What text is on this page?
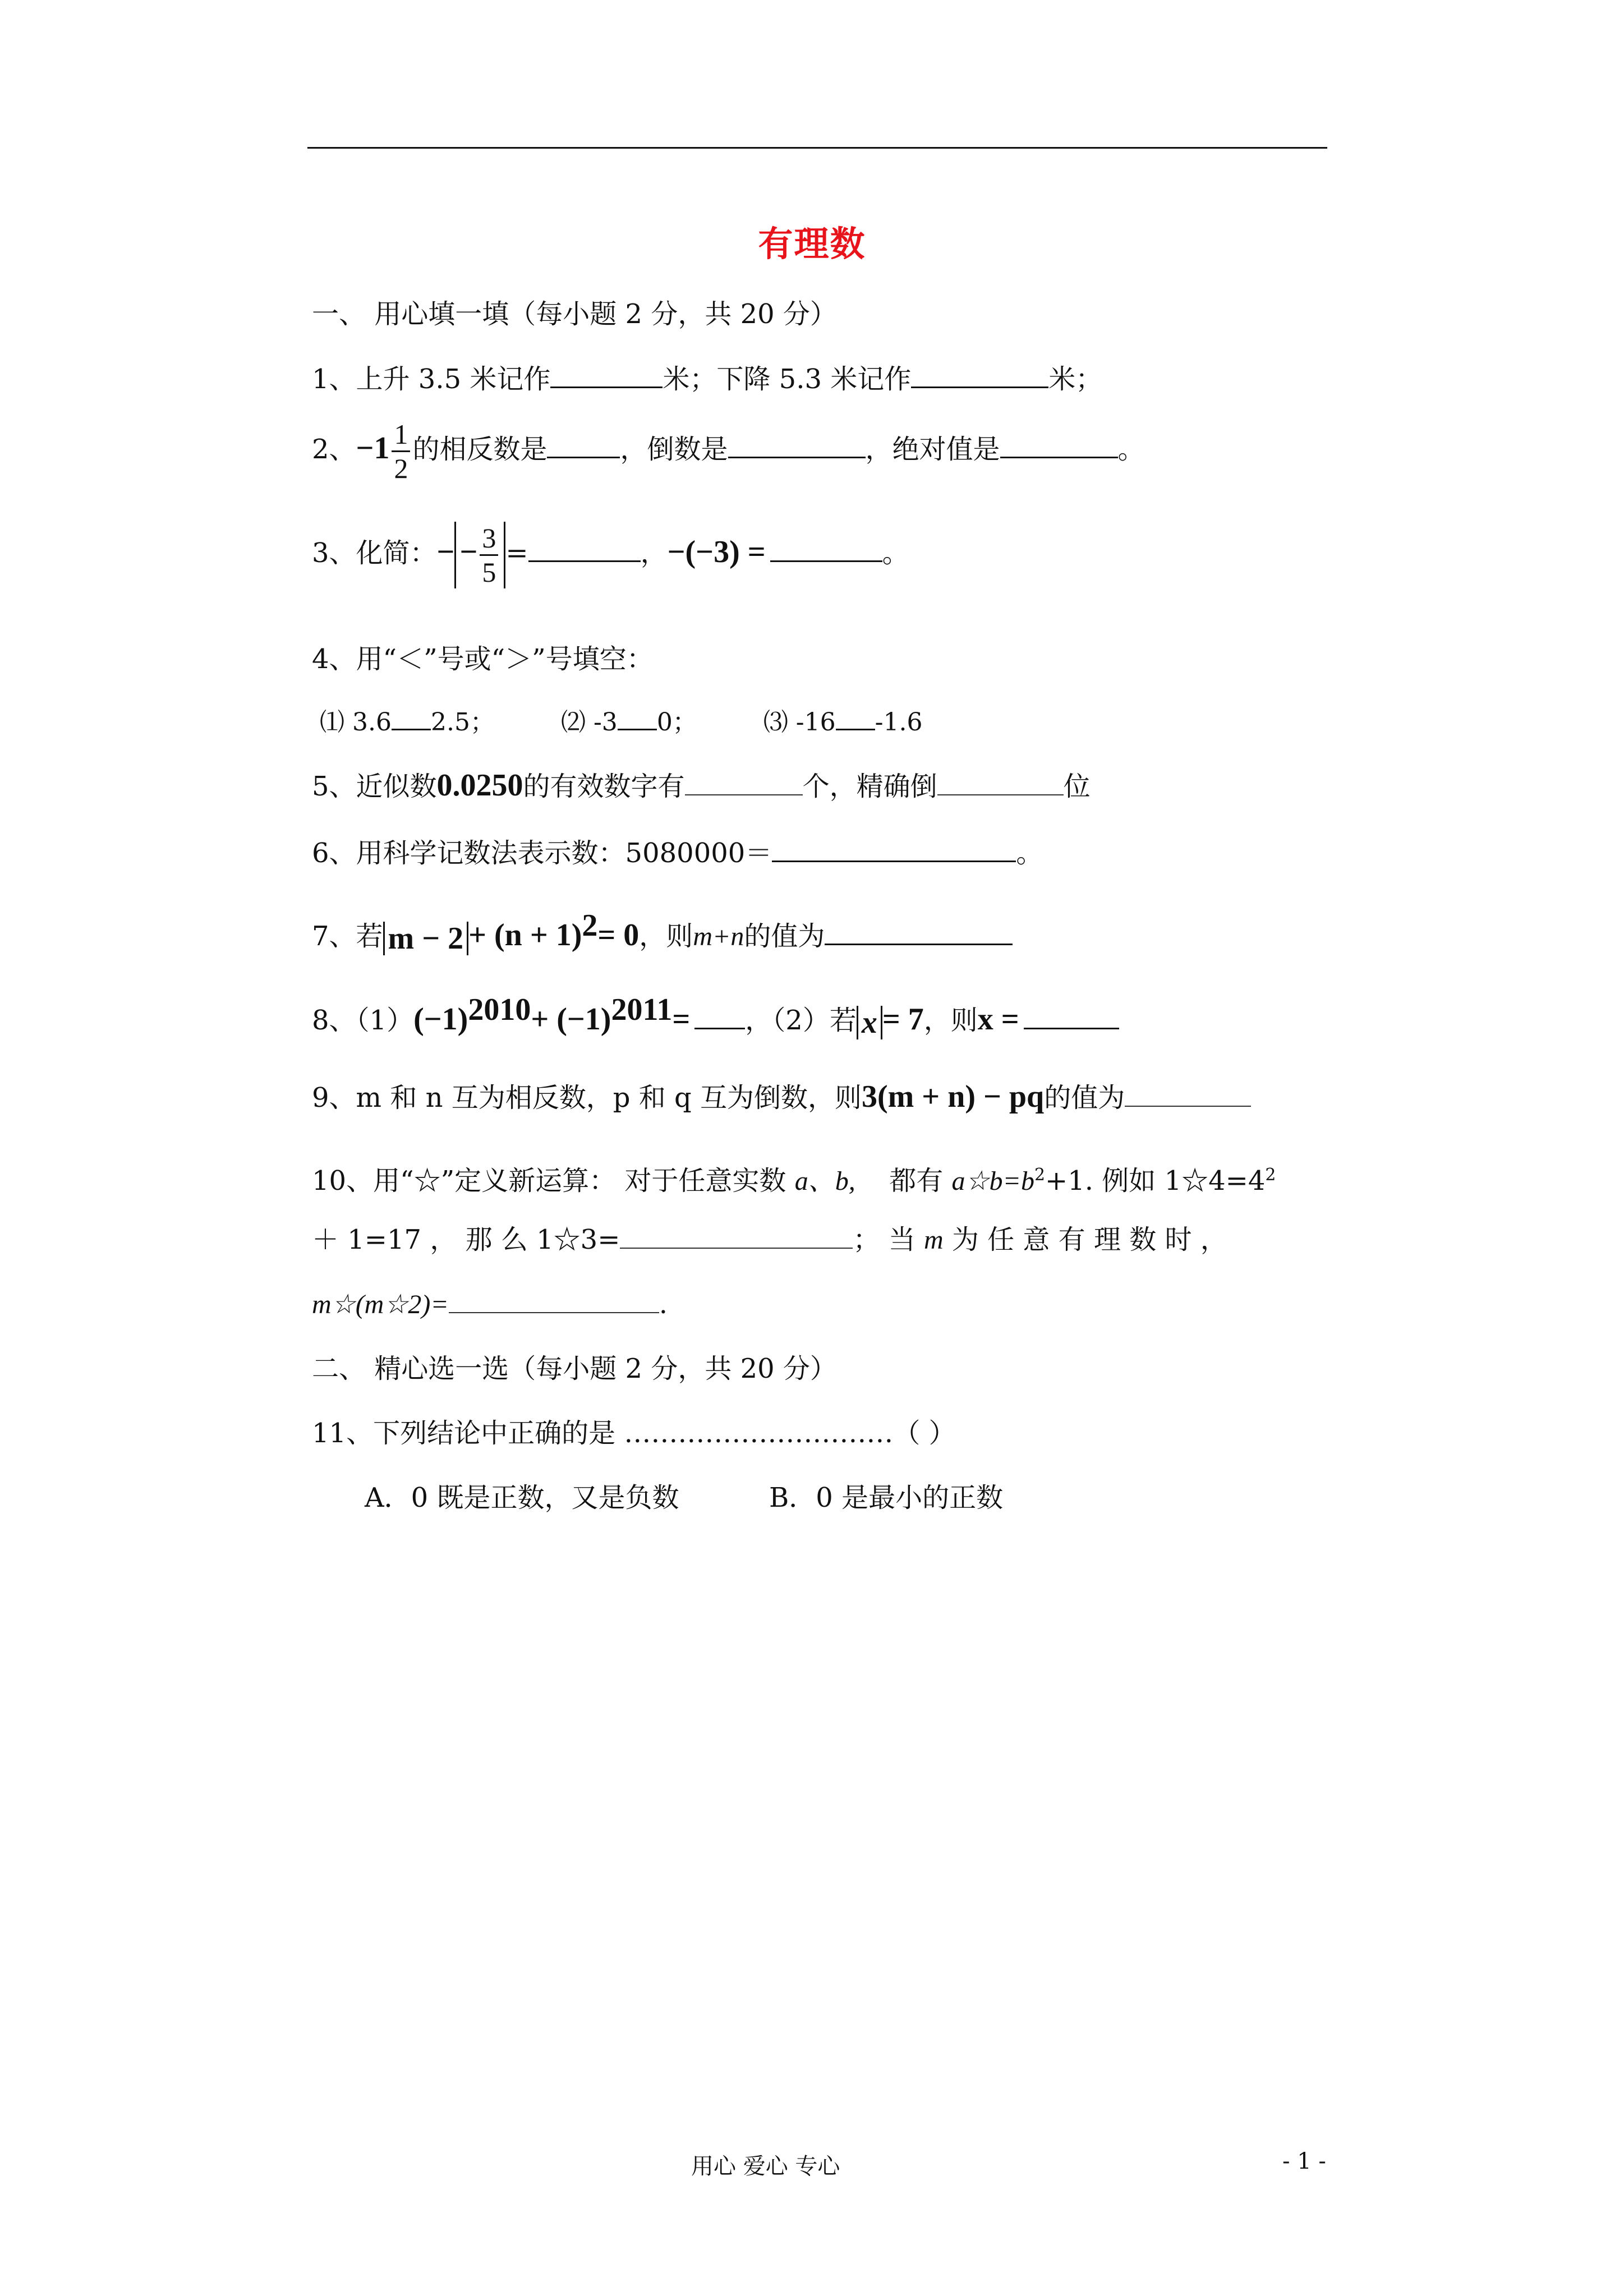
有理数
一、 用心填一填（每小题 2 分，共 20 分）
1、上升 3.5 米记作	米；下降 5.3 米记作	米；
2、$-1 \frac{1}{2}$ 的相反数是	，倒数是	，绝对值是	。
3、化简：− − $\frac{3}{5}$ =	，−(−3) =	。
4、用“＜”号或“＞”号填空：
⑴ 3.6 2.5；	⑵ -3 0；	⑶ -16 -1.6
5、近似数0.0250的有效数字有	个，精确倒	位
6、用科学记数法表示数：5080000＝	。
7、若 $m - 2 + (n + 1)^2= 0$，则m+n的值为
8、$(1)(-1)^{2010}+ (-1)^{2011}=$ ，（2）若 x = 7，则x =
9、m 和 n 互为相反数，p 和 q 互为倒数，则3(m + n) − pq的值为
10、用“☆”定义新运算： 对于任意实数 a、b, 都有 $a☆b=b^2+1$. 例如 $1☆4=4^2$
＋ 1=17 ， 那 么 1☆3=	； 当 m 为 任 意 有 理 数 时 ，
m☆(m☆2)=	.
二、 精心选一选（每小题 2 分，共 20 分）
11、下列结论中正确的是 …………………………（ ）
A．0 既是正数，又是负数	B．0 是最小的正数
用心 爱心 专心	- 1 -
